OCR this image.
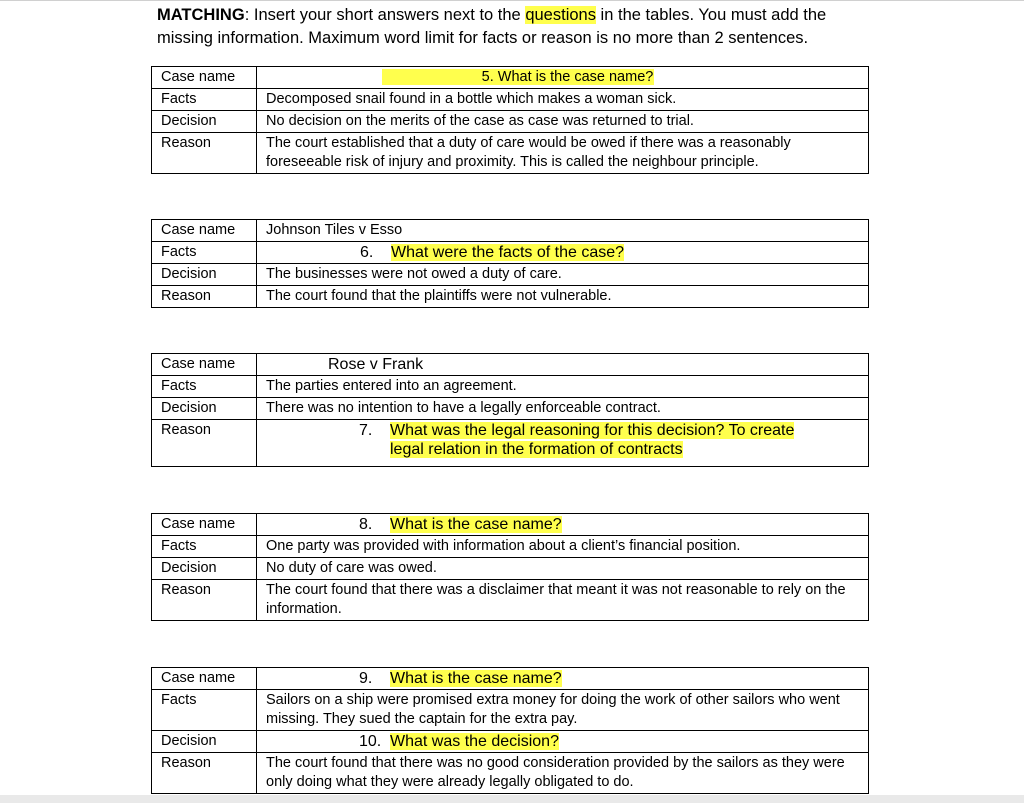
MATCHING: Insert your short answers next to the questions in the tables. You must add the missing information. Maximum word limit for facts or reason is no more than 2 sentences.
Case name	5. What is the case name?
Facts	Decomposed snail found in a bottle which makes a woman sick.
Decision	No decision on the merits of the case as case was returned to trial.
Reason	The court established that a duty of care would be owed if there was a reasonably foreseeable risk of injury and proximity. This is called the neighbour principle.
Case name	Johnson Tiles v Esso
Facts	6. What were the facts of the case?
Decision	The businesses were not owed a duty of care.
Reason	The court found that the plaintiffs were not vulnerable.
Case name	Rose v Frank
Facts	The parties entered into an agreement.
Decision	There was no intention to have a legally enforceable contract.
Reason	7. What was the legal reasoning for this decision? To create
legal relation in the formation of contracts
Case name	8. What is the case name?
Facts	One party was provided with information about a client’s financial position.
Decision	No duty of care was owed.
Reason	The court found that there was a disclaimer that meant it was not reasonable to rely on the information.
Case name	9. What is the case name?
Facts	Sailors on a ship were promised extra money for doing the work of other sailors who went missing. They sued the captain for the extra pay.
Decision	10. What was the decision?
Reason	The court found that there was no good consideration provided by the sailors as they were only doing what they were already legally obligated to do.
